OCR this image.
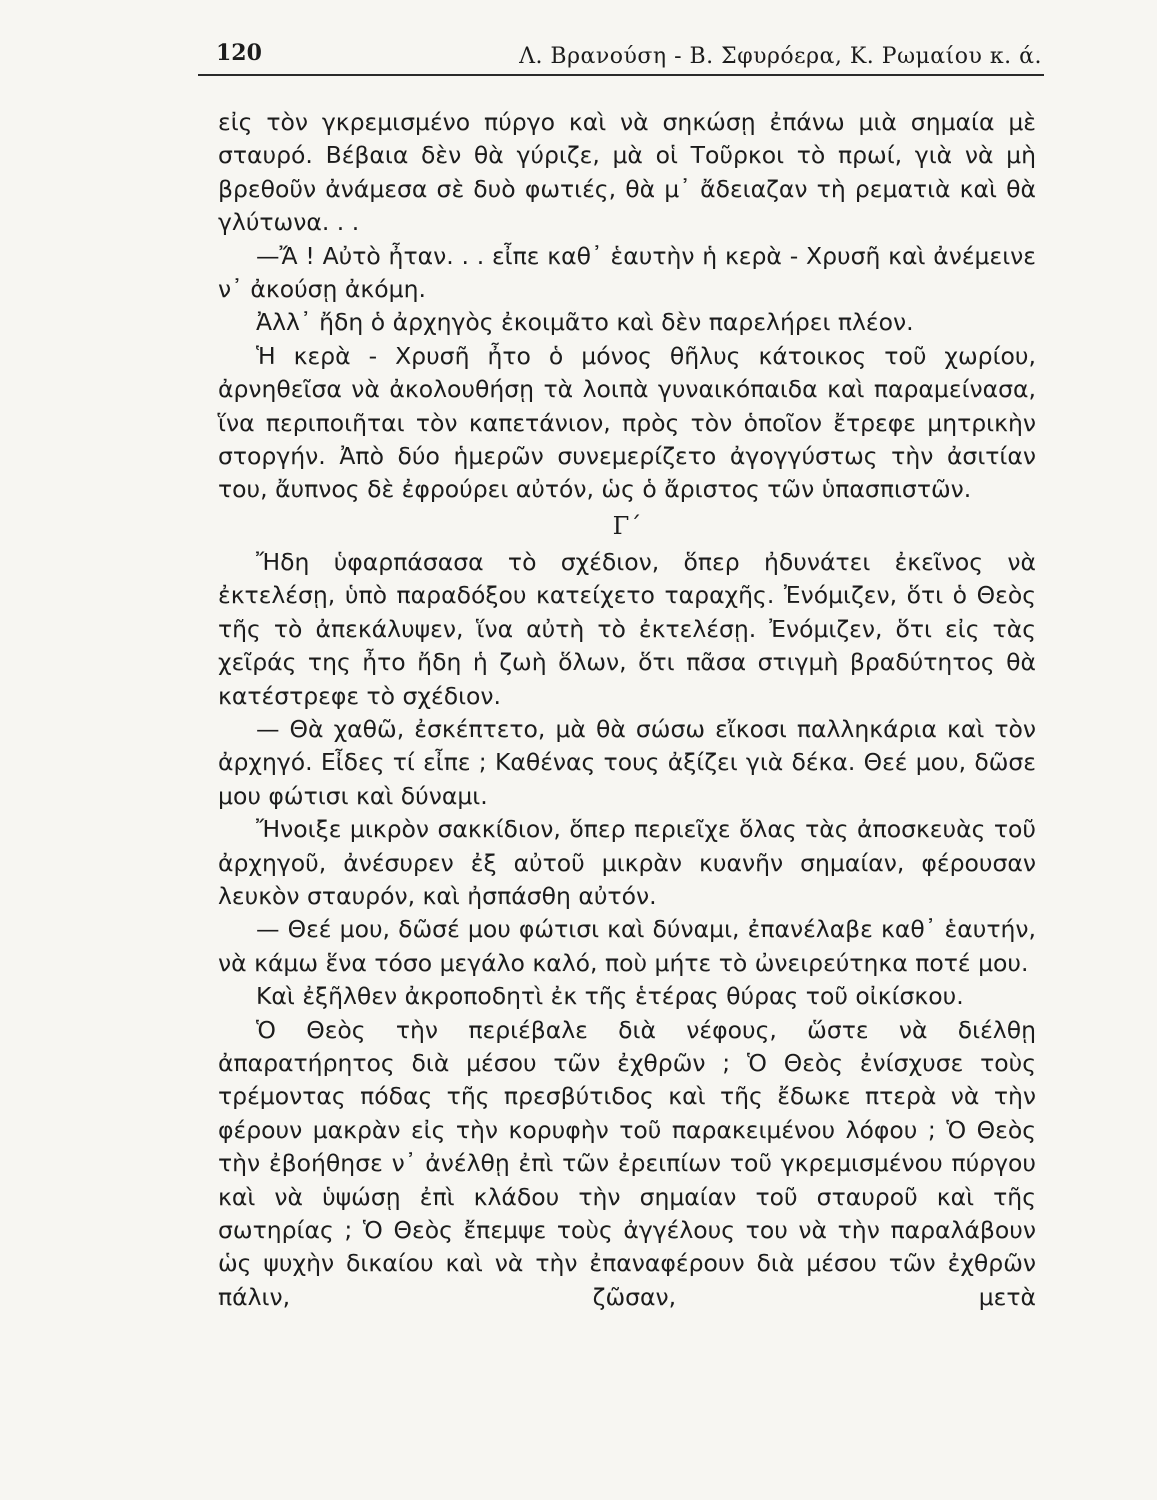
120	Λ. Βρανούση - Β. Σφυρόερα, Κ. Ρωμαίου κ. ά.

εἰς τὸν γκρεμισμένο πύργο καὶ νὰ σηκώσῃ ἐπάνω μιὰ σημαία μὲ σταυρό. Βέβαια δὲν θὰ γύριζε, μὰ οἱ Τοῦρκοι τὸ πρωί, γιὰ νὰ μὴ βρεθοῦν ἀνάμεσα σὲ δυὸ φωτιές, θὰ μ᾽ ἄδειαζαν τὴ ρεματιὰ καὶ θὰ γλύτωνα. . .

—Ἄ ! Αὐτὸ ἦταν. . . εἶπε καθ᾽ ἑαυτὴν ἡ κερὰ - Χρυσῆ καὶ ἀνέμεινε ν᾽ ἀκούσῃ ἀκόμη.

Ἀλλ᾽ ἤδη ὁ ἀρχηγὸς ἐκοιμᾶτο καὶ δὲν παρελήρει πλέον.

Ἡ κερὰ - Χρυσῆ ἦτο ὁ μόνος θῆλυς κάτοικος τοῦ χωρίου, ἀρνηθεῖσα νὰ ἀκολουθήσῃ τὰ λοιπὰ γυναικόπαιδα καὶ παραμείνασα, ἵνα περιποιῆται τὸν καπετάνιον, πρὸς τὸν ὁποῖον ἔτρεφε μητρικὴν στοργήν. Ἀπὸ δύο ἡμερῶν συνεμερίζετο ἀγογγύστως τὴν ἀσιτίαν του, ἄυπνος δὲ ἐφρούρει αὐτόν, ὡς ὁ ἄριστος τῶν ὑπασπιστῶν.

Γ΄

Ἤδη ὑφαρπάσασα τὸ σχέδιον, ὅπερ ἠδυνάτει ἐκεῖνος νὰ ἐκτελέσῃ, ὑπὸ παραδόξου κατείχετο ταραχῆς. Ἐνόμιζεν, ὅτι ὁ Θεὸς τῆς τὸ ἀπεκάλυψεν, ἵνα αὐτὴ τὸ ἐκτελέσῃ. Ἐνόμιζεν, ὅτι εἰς τὰς χεῖράς της ἦτο ἤδη ἡ ζωὴ ὅλων, ὅτι πᾶσα στιγμὴ βραδύτητος θὰ κατέστρεφε τὸ σχέδιον.

— Θὰ χαθῶ, ἐσκέπτετο, μὰ θὰ σώσω εἴκοσι παλληκάρια καὶ τὸν ἀρχηγό. Εἶδες τί εἶπε ; Καθένας τους ἀξίζει γιὰ δέκα. Θεέ μου, δῶσε μου φώτισι καὶ δύναμι.

Ἤνοιξε μικρὸν σακκίδιον, ὅπερ περιεῖχε ὅλας τὰς ἀποσκευὰς τοῦ ἀρχηγοῦ, ἀνέσυρεν ἐξ αὐτοῦ μικρὰν κυανῆν σημαίαν, φέρουσαν λευκὸν σταυρόν, καὶ ἠσπάσθη αὐτόν.

— Θεέ μου, δῶσέ μου φώτισι καὶ δύναμι, ἐπανέλαβε καθ᾽ ἑαυτήν, νὰ κάμω ἕνα τόσο μεγάλο καλό, ποὺ μήτε τὸ ὠνειρεύτηκα ποτέ μου.

Καὶ ἐξῆλθεν ἀκροποδητὶ ἐκ τῆς ἑτέρας θύρας τοῦ οἰκίσκου.

Ὁ Θεὸς τὴν περιέβαλε διὰ νέφους, ὥστε νὰ διέλθῃ ἀπαρατήρητος διὰ μέσου τῶν ἐχθρῶν ; Ὁ Θεὸς ἐνίσχυσε τοὺς τρέμοντας πόδας τῆς πρεσβύτιδος καὶ τῆς ἔδωκε πτερὰ νὰ τὴν φέρουν μακρὰν εἰς τὴν κορυφὴν τοῦ παρακειμένου λόφου ; Ὁ Θεὸς τὴν ἐβοήθησε ν᾽ ἀνέλθῃ ἐπὶ τῶν ἐρειπίων τοῦ γκρεμισμένου πύργου καὶ νὰ ὑψώσῃ ἐπὶ κλάδου τὴν σημαίαν τοῦ σταυροῦ καὶ τῆς σωτηρίας ; Ὁ Θεὸς ἔπεμψε τοὺς ἀγγέλους του νὰ τὴν παραλάβουν ὡς ψυχὴν δικαίου καὶ νὰ τὴν ἐπαναφέρουν διὰ μέσου τῶν ἐχθρῶν πάλιν, ζῶσαν, μετὰ
